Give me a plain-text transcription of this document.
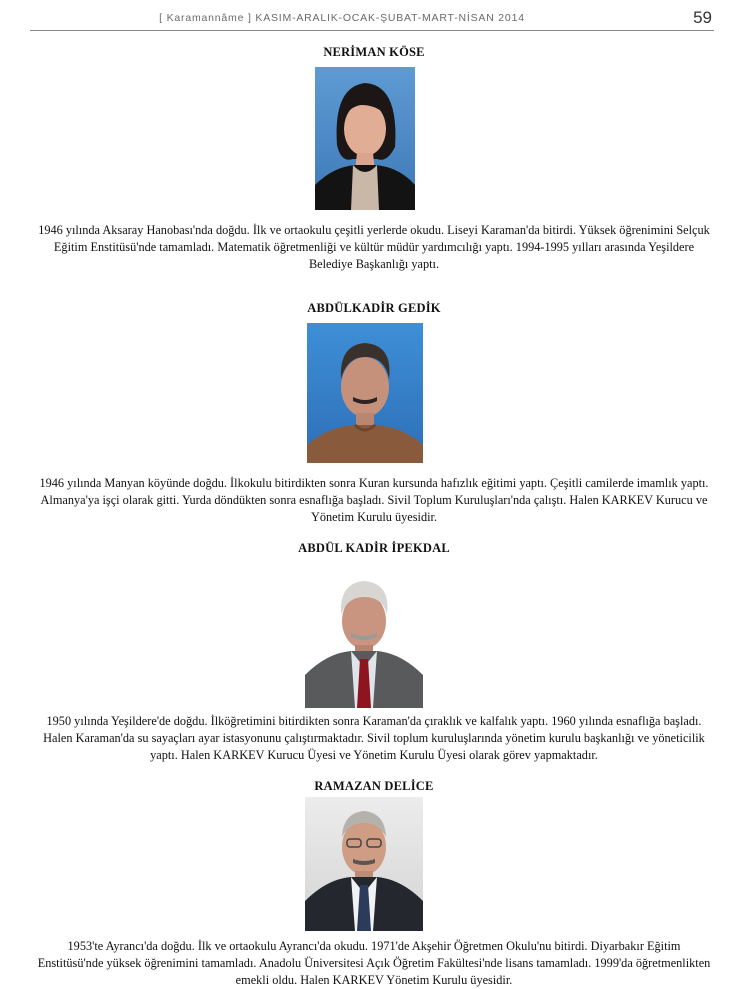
[ Karamannâme ] KASIM-ARALIK-OCAK-ŞUBAT-MART-NİSAN 2014	59
NERİMAN KÖSE
1946 yılında Aksaray Hanobası'nda doğdu. İlk ve ortaokulu çeşitli yerlerde okudu. Liseyi Karaman'da bitirdi. Yüksek öğrenimini Selçuk Eğitim Enstitüsü'nde tamamladı. Matematik öğretmenliği ve kültür müdür yardımcılığı yaptı. 1994-1995 yılları arasında Yeşildere Belediye Başkanlığı yaptı.
ABDÜLKADİR GEDİK
1946 yılında Manyan köyünde doğdu. İlkokulu bitirdikten sonra Kuran kursunda hafızlık eğitimi yaptı. Çeşitli camilerde imamlık yaptı. Almanya'ya işçi olarak gitti. Yurda döndükten sonra esnaflığa başladı. Sivil Toplum Kuruluşları'nda çalıştı. Halen KARKEV Kurucu ve Yönetim Kurulu üyesidir.
ABDÜL KADİR İPEKDAL
1950 yılında Yeşildere'de doğdu. İlköğretimini bitirdikten sonra Karaman'da çıraklık ve kalfalık yaptı. 1960 yılında esnaflığa başladı. Halen Karaman'da su sayaçları ayar istasyonunu çalıştırmaktadır. Sivil toplum kuruluşlarında yönetim kurulu başkanlığı ve yöneticilik yaptı. Halen KARKEV Kurucu Üyesi ve Yönetim Kurulu Üyesi olarak görev yapmaktadır.
RAMAZAN DELİCE
1953'te Ayrancı'da doğdu. İlk ve ortaokulu Ayrancı'da okudu. 1971'de Akşehir Öğretmen Okulu'nu bitirdi. Diyarbakır Eğitim Enstitüsü'nde yüksek öğrenimini tamamladı. Anadolu Üniversitesi Açık Öğretim Fakültesi'nde lisans tamamladı. 1999'da öğretmenlikten emekli oldu. Halen KARKEV Yönetim Kurulu üyesidir.
